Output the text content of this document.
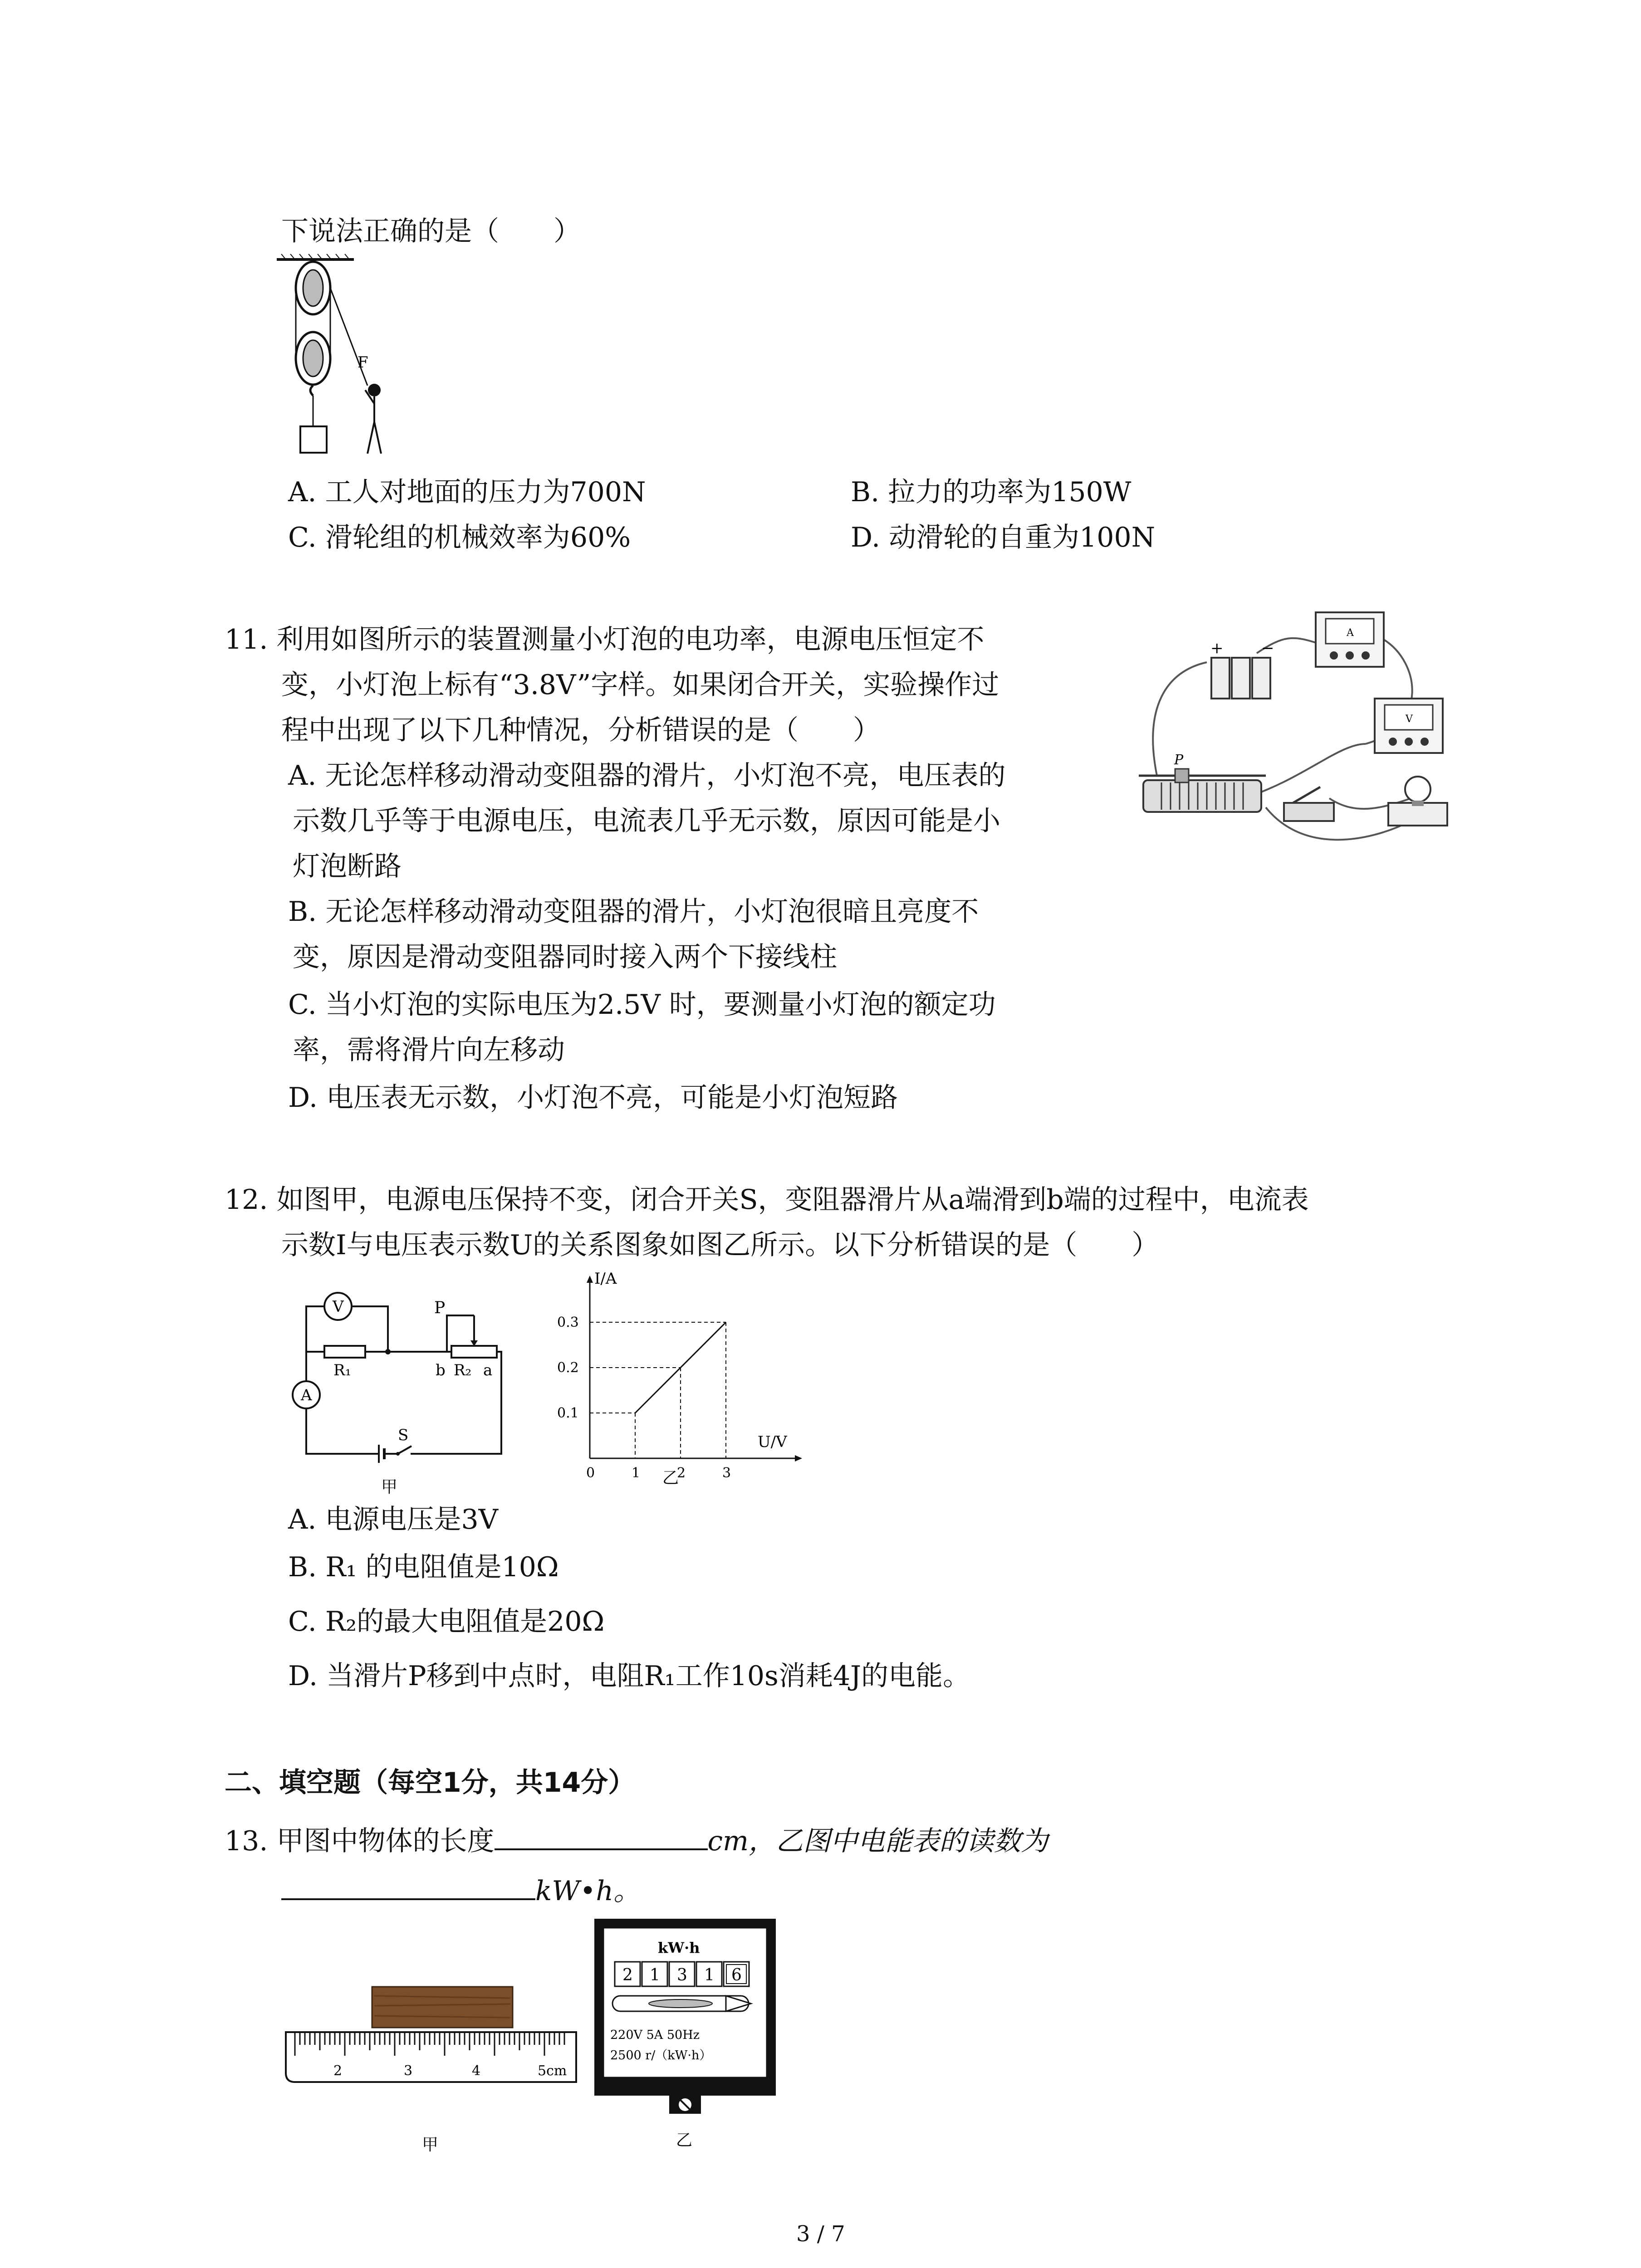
下说法正确的是（　　）
F
A. 工人对地面的压力为700N	B. 拉力的功率为150W
C. 滑轮组的机械效率为60%	D. 动滑轮的自重为100N
11. 利用如图所示的装置测量小灯泡的电功率，电源电压恒定不
变，小灯泡上标有“3.8V”字样。如果闭合开关，实验操作过
程中出现了以下几种情况，分析错误的是（　　）
A. 无论怎样移动滑动变阻器的滑片，小灯泡不亮，电压表的
示数几乎等于电源电压，电流表几乎无示数，原因可能是小
灯泡断路
B. 无论怎样移动滑动变阻器的滑片，小灯泡很暗且亮度不
变，原因是滑动变阻器同时接入两个下接线柱
C. 当小灯泡的实际电压为2.5V 时，要测量小灯泡的额定功
率，需将滑片向左移动
D. 电压表无示数，小灯泡不亮，可能是小灯泡短路
+ −
A
V
P
12. 如图甲，电源电压保持不变，闭合开关S，变阻器滑片从a端滑到b端的过程中，电流表
示数I与电压表示数U的关系图象如图乙所示。以下分析错误的是（　　）
V
R₁
P
b R₂ a
A
S
甲
0	1	2	3
0.1
0.2
0.3
I/A
U/V
乙
A. 电源电压是3V
B. R₁ 的电阻值是10Ω
C. R₂的最大电阻值是20Ω
D. 当滑片P移到中点时，电阻R₁工作10s消耗4J的电能。
二、填空题（每空1分，共14分）
13. 甲图中物体的长度	cm，乙图中电能表的读数为
kW•h。
2	3	4	5cm
甲
kW·h
2 1 3 1 6
220V 5A 50Hz
2500 r/（kW·h）
乙
3 / 7
